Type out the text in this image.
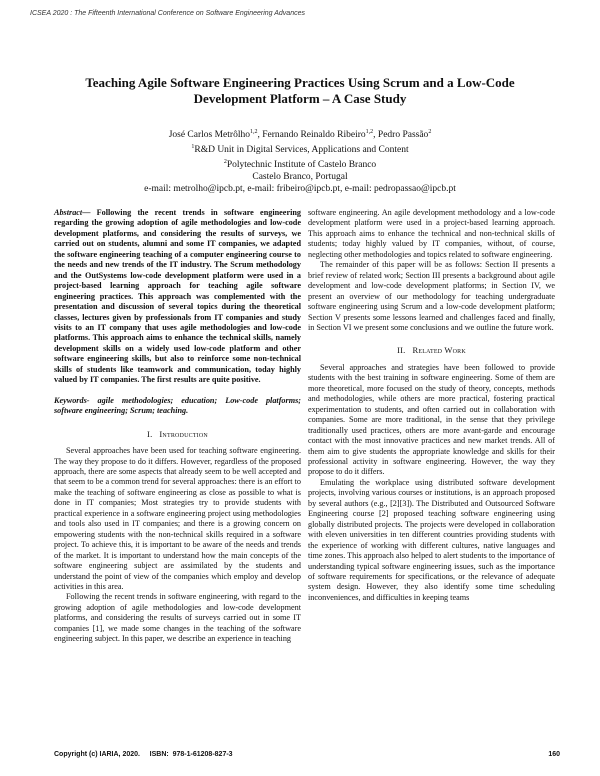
ICSEA 2020 : The Fifteenth International Conference on Software Engineering Advances
Teaching Agile Software Engineering Practices Using Scrum and a Low-Code
Development Platform – A Case Study
José Carlos Metrôlho$^{1,2}$, Fernando Reinaldo Ribeiro$^{1,2}$, Pedro Passão$^2$
$^1$R&D Unit in Digital Services, Applications and Content
$^2$Polytechnic Institute of Castelo Branco
Castelo Branco, Portugal
e-mail: metrolho@ipcb.pt, e-mail: fribeiro@ipcb.pt, e-mail: pedropassao@ipcb.pt

Abstract— Following the recent trends in software engineering regarding the growing adoption of agile methodologies and low-code development platforms, and considering the results of surveys, we carried out on students, alumni and some IT companies, we adapted the software engineering teaching of a computer engineering course to the needs and new trends of the IT industry. The Scrum methodology and the OutSystems low-code development platform were used in a project-based learning approach for teaching agile software engineering practices. This approach was complemented with the presentation and discussion of several topics during the theoretical classes, lectures given by professionals from IT companies and study visits to an IT company that uses agile methodologies and low-code platforms. This approach aims to enhance the technical skills, namely development skills on a widely used low-code platform and other software engineering skills, but also to reinforce some non-technical skills of students like teamwork and communication, today highly valued by IT companies. The first results are quite positive.

Keywords- agile methodologies; education; Low-code platforms; software engineering; Scrum; teaching.

I. Introduction

Several approaches have been used for teaching software engineering. The way they propose to do it differs. However, regardless of the proposed approach, there are some aspects that already seem to be well accepted and that seem to be a common trend for several approaches: there is an effort to make the teaching of software engineering as close as possible to what is done in IT companies; Most strategies try to provide students with practical experience in a software engineering project using methodologies and tools also used in IT companies; and there is a growing concern on empowering students with the non-technical skills required in a software project. To achieve this, it is important to be aware of the needs and trends of the market. It is important to understand how the main concepts of the software engineering subject are assimilated by the students and understand the point of view of the companies which employ and develop activities in this area.

Following the recent trends in software engineering, with regard to the growing adoption of agile methodologies and low-code development platforms, and considering the results of surveys carried out in some IT companies [1], we made some changes in the teaching of the software engineering subject. In this paper, we describe an experience in teaching

software engineering. An agile development methodology and a low-code development platform were used in a project-based learning approach. This approach aims to enhance the technical and non-technical skills of students; today highly valued by IT companies, without, of course, neglecting other methodologies and topics related to software engineering.

The remainder of this paper will be as follows: Section II presents a brief review of related work; Section III presents a background about agile development and low-code development platforms; in Section IV, we present an overview of our methodology for teaching undergraduate software engineering using Scrum and a low-code development platform; Section V presents some lessons learned and challenges faced and finally, in Section VI we present some conclusions and we outline the future work.

II. Related Work

Several approaches and strategies have been followed to provide students with the best training in software engineering. Some of them are more theoretical, more focused on the study of theory, concepts, methods and methodologies, while others are more practical, fostering practical experimentation to students, and often carried out in collaboration with companies. Some are more traditional, in the sense that they privilege traditionally used practices, others are more avant-garde and encourage contact with the most innovative practices and new market trends. All of them aim to give students the appropriate knowledge and skills for their professional activity in software engineering. However, the way they propose to do it differs.

Emulating the workplace using distributed software development projects, involving various courses or institutions, is an approach proposed by several authors (e.g., [2][3]). The Distributed and Outsourced Software Engineering course [2] proposed teaching software engineering using globally distributed projects. The projects were developed in collaboration with eleven universities in ten different countries providing students with the experience of working with different cultures, native languages and time zones. This approach also helped to alert students to the importance of understanding typical software engineering issues, such as the importance of software requirements for specifications, or the relevance of adequate system design. However, they also identify some time scheduling inconveniences, and difficulties in keeping teams

Copyright (c) IARIA, 2020.     ISBN:  978-1-61208-827-3	160
